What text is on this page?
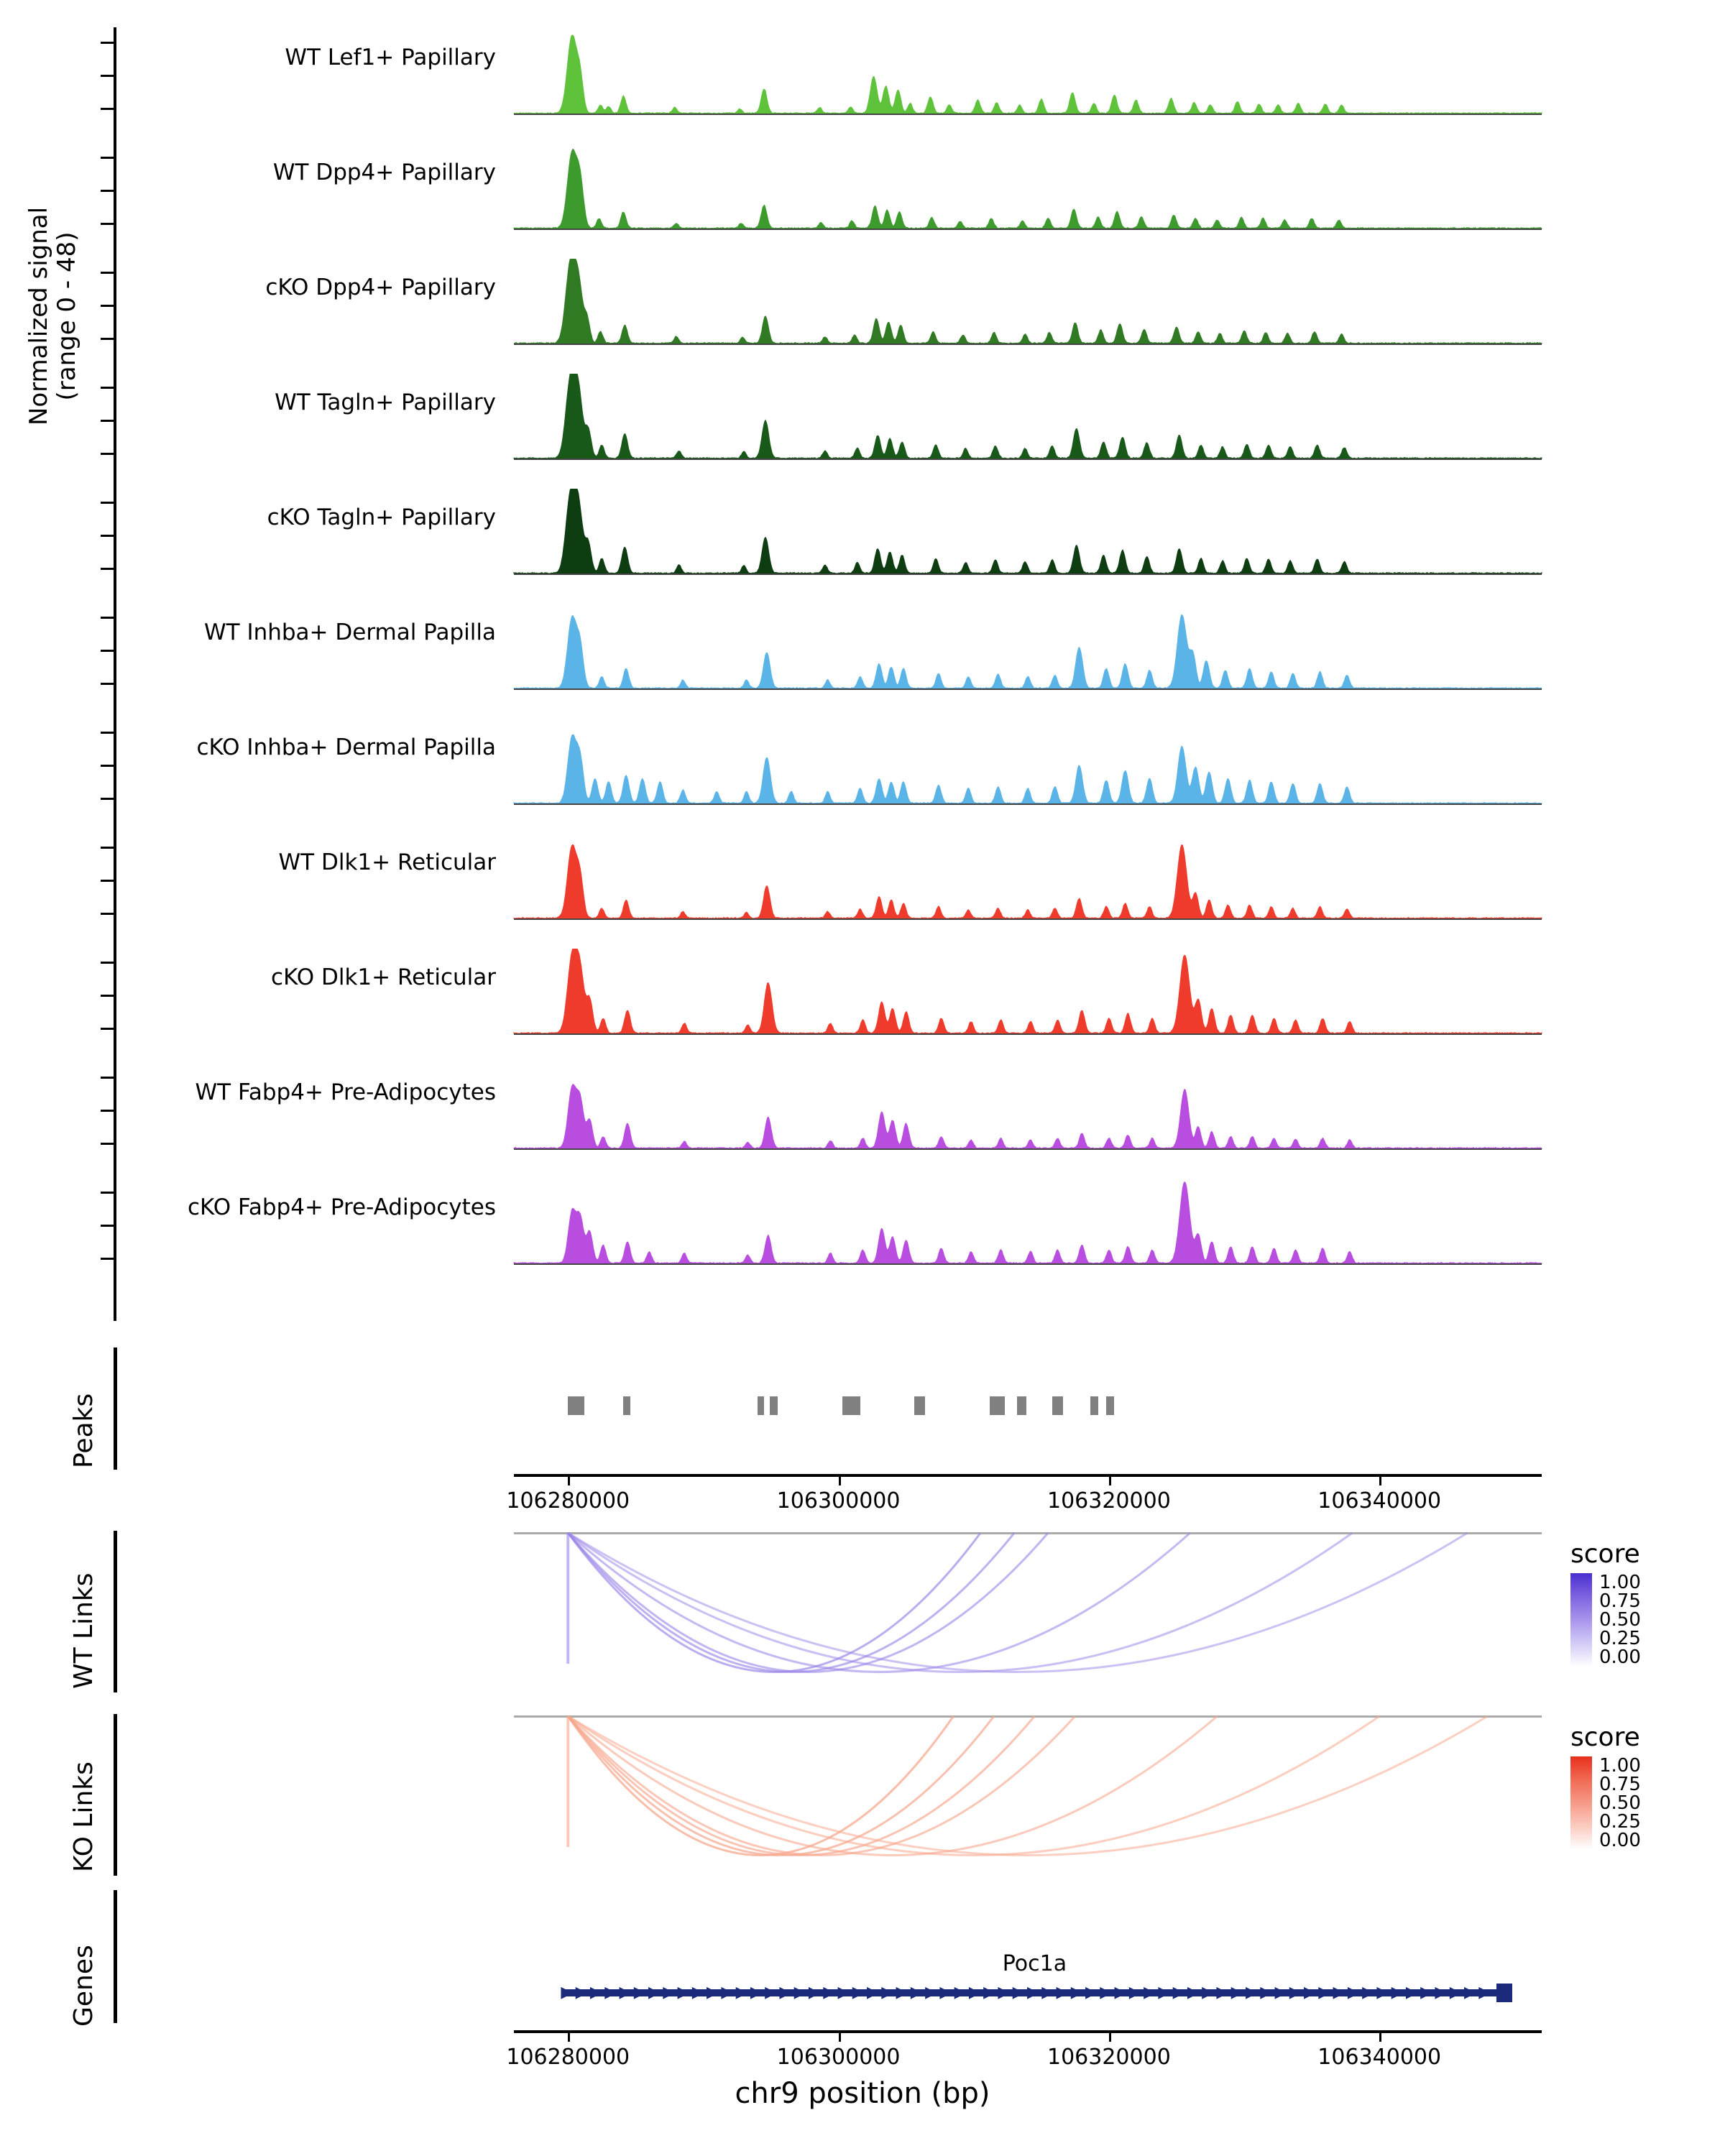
Normalized signal (range 0 - 48)
WT Lef1+ Papillary
WT Dpp4+ Papillary
cKO Dpp4+ Papillary
WT Tagln+ Papillary
cKO Tagln+ Papillary
WT Inhba+ Dermal Papilla
cKO Inhba+ Dermal Papilla
WT Dlk1+ Reticular
cKO Dlk1+ Reticular
WT Fabp4+ Pre-Adipocytes
cKO Fabp4+ Pre-Adipocytes
Peaks
106280000	106300000	106320000	106340000
WT Links
score
1.00
0.75
0.50
0.25
0.00
KO Links
score
1.00
0.75
0.50
0.25
0.00
Genes	Poc1a
▶ ▶ ▶ ▶ ▶ ▶ ▶ ▶ ▶ ▶ ▶ ▶ ▶ ▶ ▶ ▶ ▶ ▶ ▶ ▶ ▶ ▶ ▶ ▶ ▶ ▶ ▶ ▶ ▶ ▶ ▶ ▶ ▶ ▶ ▶ ▶ ▶ ▶ ▶ ▶ ▶ ▶ ▶ ▶ ▶ ▶ ▶ ▶ ▶ ▶ ▶ ▶ ▶ ▶ ▶ ▶ ▶ ▶ ▶ ▶ ▶ ▶ ▶ ▶
106280000	106300000	106320000	106340000
chr9 position (bp)
